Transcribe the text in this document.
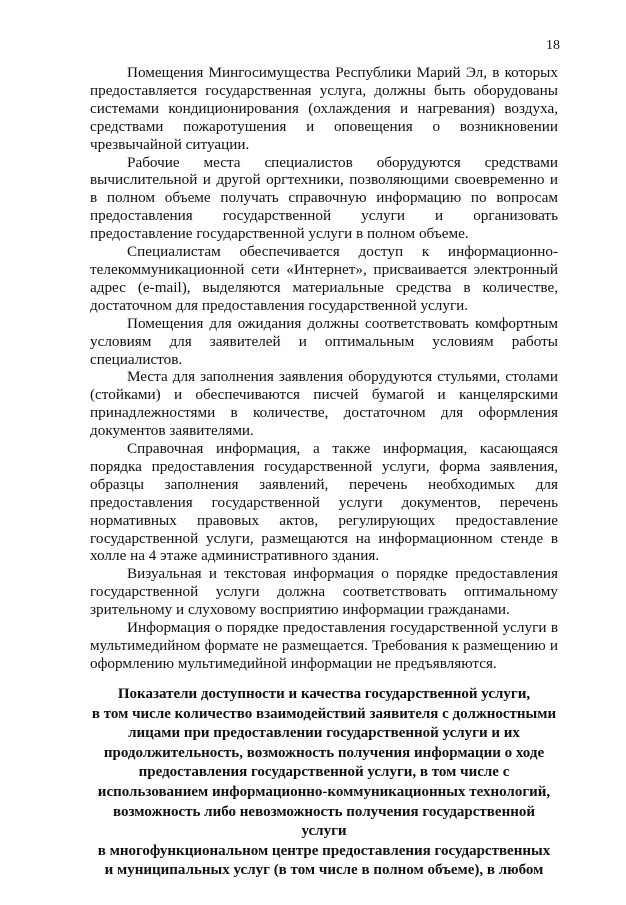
18

Помещения Мингосимущества Республики Марий Эл, в которых предоставляется государственная услуга, должны быть оборудованы системами кондиционирования (охлаждения и нагревания) воздуха, средствами пожаротушения и оповещения о возникновении чрезвычайной ситуации.

Рабочие места специалистов оборудуются средствами вычислительной и другой оргтехники, позволяющими своевременно и в полном объеме получать справочную информацию по вопросам предоставления государственной услуги и организовать предоставление государственной услуги в полном объеме.

Специалистам обеспечивается доступ к информационно-телекоммуникационной сети «Интернет», присваивается электронный адрес (e-mail), выделяются материальные средства в количестве, достаточном для предоставления государственной услуги.

Помещения для ожидания должны соответствовать комфортным условиям для заявителей и оптимальным условиям работы специалистов.

Места для заполнения заявления оборудуются стульями, столами (стойками) и обеспечиваются писчей бумагой и канцелярскими принадлежностями в количестве, достаточном для оформления документов заявителями.

Справочная информация, а также информация, касающаяся порядка предоставления государственной услуги, форма заявления, образцы заполнения заявлений, перечень необходимых для предоставления государственной услуги документов, перечень нормативных правовых актов, регулирующих предоставление государственной услуги, размещаются на информационном стенде в холле на 4 этаже административного здания.

Визуальная и текстовая информация о порядке предоставления государственной услуги должна соответствовать оптимальному зрительному и слуховому восприятию информации гражданами.

Информация о порядке предоставления государственной услуги в мультимедийном формате не размещается. Требования к размещению и оформлению мультимедийной информации не предъявляются.

Показатели доступности и качества государственной услуги,
в том числе количество взаимодействий заявителя с должностными
лицами при предоставлении государственной услуги и их
продолжительность, возможность получения информации о ходе
предоставления государственной услуги, в том числе с
использованием информационно-коммуникационных технологий,
возможность либо невозможность получения государственной услуги
в многофункциональном центре предоставления государственных
и муниципальных услуг (в том числе в полном объеме), в любом
